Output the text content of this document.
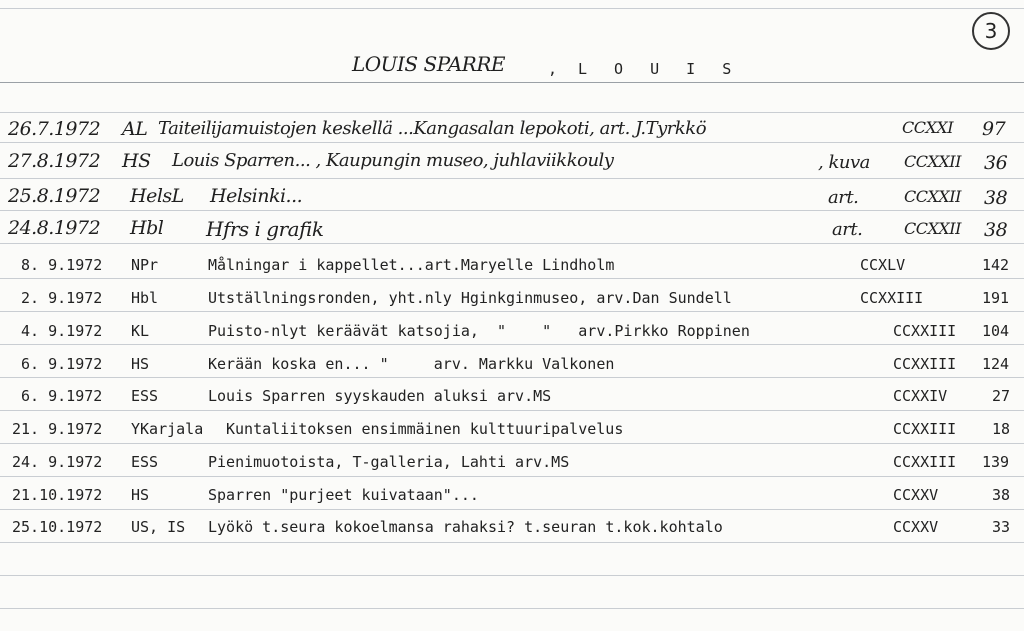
3
LOUIS SPARRE	, L O U I S
26.7.1972 AL Taiteilijamuistojen keskellä ...Kangasalan lepokoti, art. J.Tyrkkö	CCXXI 97
27.8.1972 HS Louis Sparren... , Kaupungin museo, juhlaviikkouly	, kuva CCXXII 36
25.8.1972 HelsL Helsinki...	art.	CCXXII 38
24.8.1972 Hbl Hfrs i grafik	art.	CCXXII 38
8. 9.1972 NPr	Målningar i kappellet...art.Maryelle Lindholm	CCXLV	142
2. 9.1972 Hbl	Utställningsronden, yht.nly Hginkginmuseo, arv.Dan Sundell	CCXXIII	191
4. 9.1972 KL	Puisto-nlyt keräävät katsojia,  "    "   arv.Pirkko Roppinen	CCXXIII 104
6. 9.1972 HS	Kerään koska en... "     arv. Markku Valkonen	CCXXIII 124
6. 9.1972 ESS	Louis Sparren syyskauden aluksi arv.MS	CCXXIV	27
21. 9.1972 YKarjala Kuntaliitoksen ensimmäinen kulttuuripalvelus	CCXXIII 18
24. 9.1972 ESS	Pienimuotoista, T-galleria, Lahti arv.MS	CCXXIII 139
21.10.1972 HS	Sparren "purjeet kuivataan"...	CCXXV	38
25.10.1972 US, IS Lyökö t.seura kokoelmansa rahaksi? t.seuran t.kok.kohtalo	CCXXV	33
